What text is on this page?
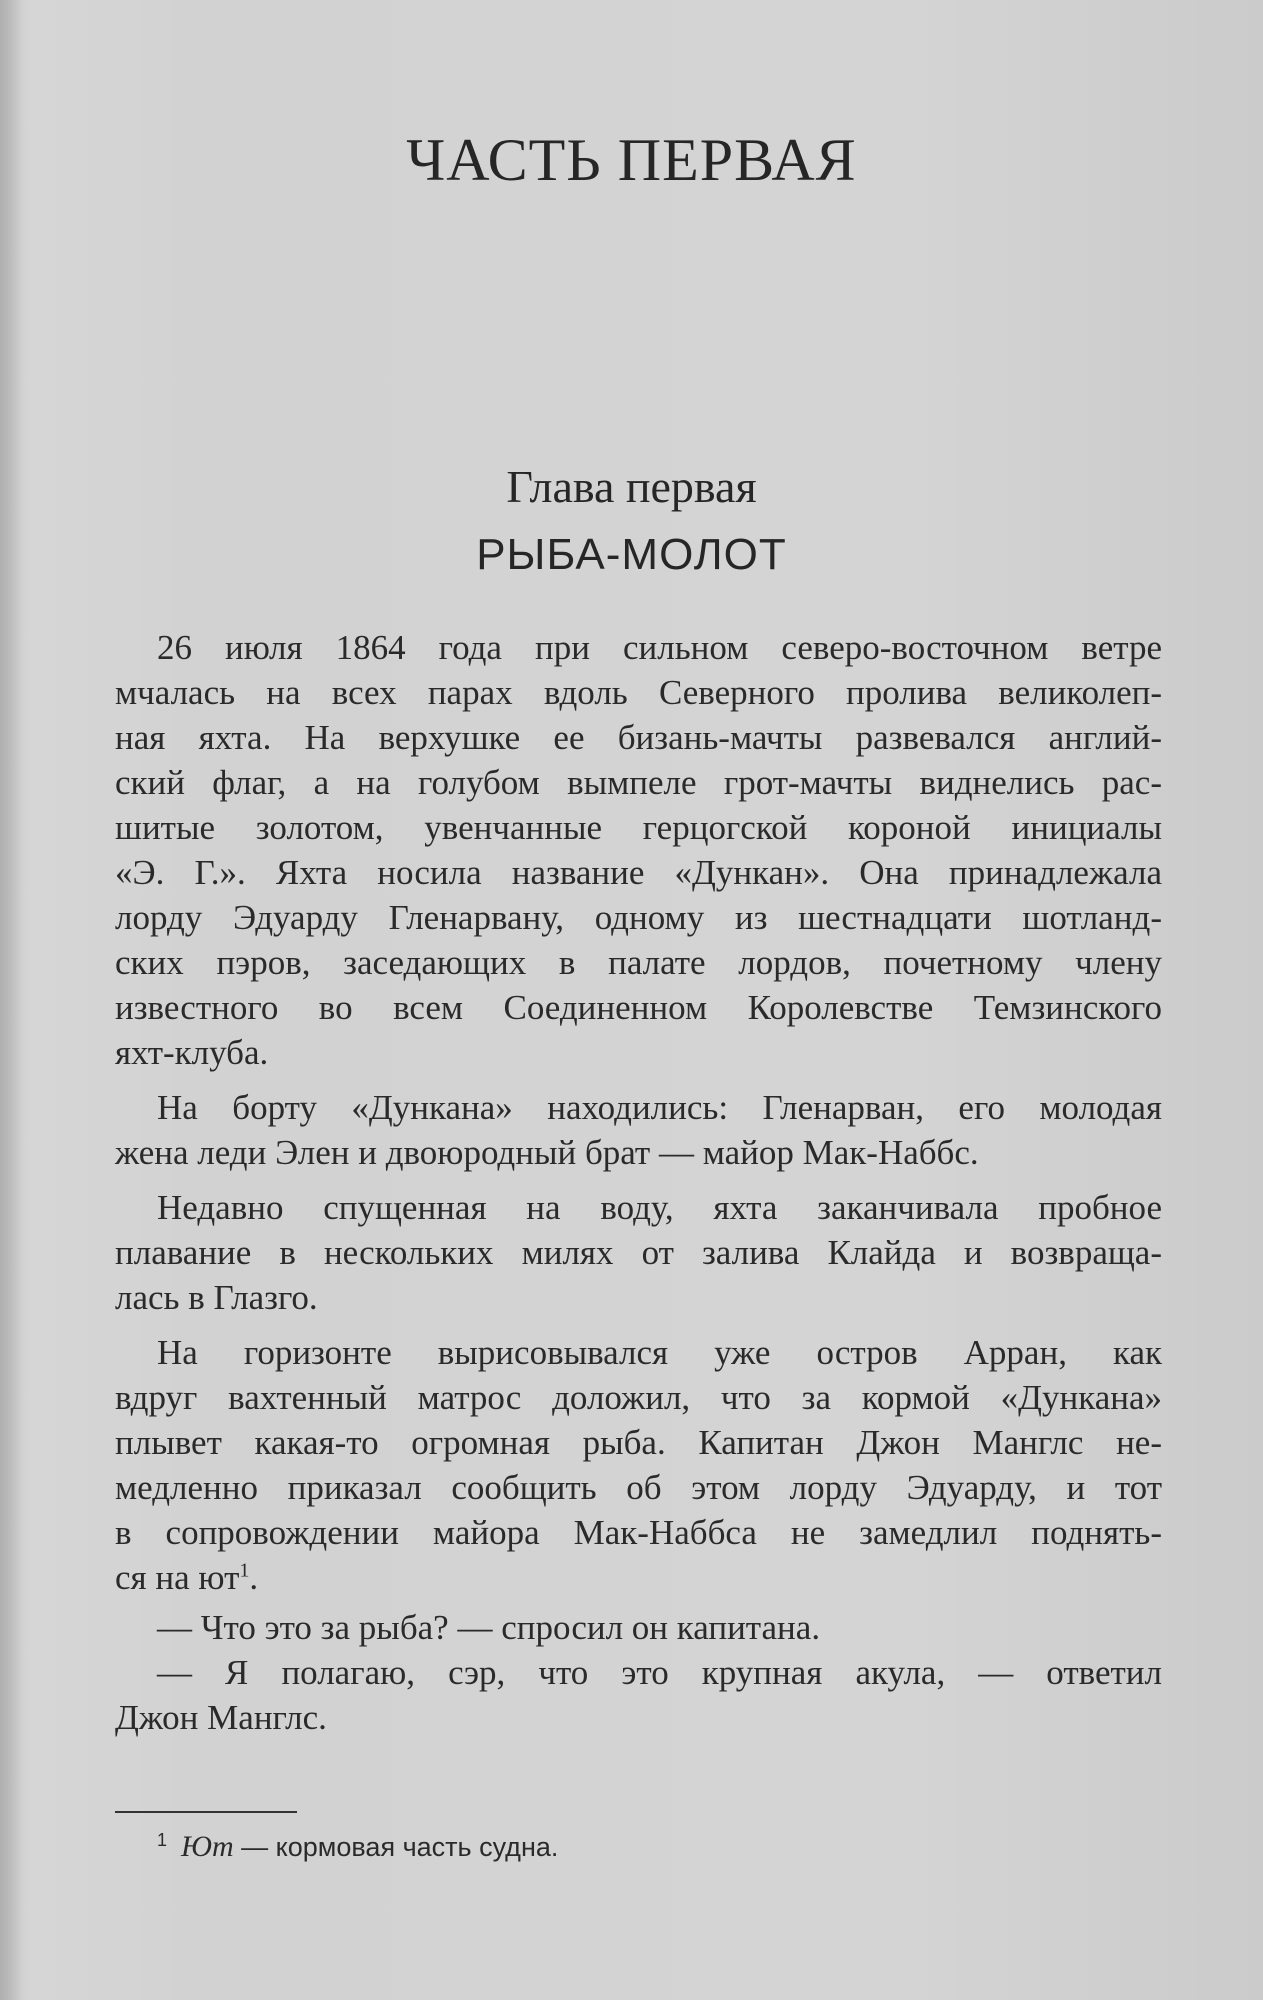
ЧАСТЬ ПЕРВАЯ
Глава первая
РЫБА-МОЛОТ
26 июля 1864 года при сильном северо-восточном ветре
мчалась на всех парах вдоль Северного пролива великолеп-
ная яхта. На верхушке ее бизань-мачты развевался англий-
ский флаг, а на голубом вымпеле грот-мачты виднелись рас-
шитые золотом, увенчанные герцогской короной инициалы
«Э. Г.». Яхта носила название «Дункан». Она принадлежала
лорду Эдуарду Гленарвану, одному из шестнадцати шотланд-
ских пэров, заседающих в палате лордов, почетному члену
известного во всем Соединенном Королевстве Темзинского
яхт-клуба.
На борту «Дункана» находились: Гленарван, его молодая
жена леди Элен и двоюродный брат — майор Мак-Наббс.
Недавно спущенная на воду, яхта заканчивала пробное
плавание в нескольких милях от залива Клайда и возвраща-
лась в Глазго.
На горизонте вырисовывался уже остров Арран, как
вдруг вахтенный матрос доложил, что за кормой «Дункана»
плывет какая-то огромная рыба. Капитан Джон Манглс не-
медленно приказал сообщить об этом лорду Эдуарду, и тот
в сопровождении майора Мак-Наббса не замедлил поднять-
ся на $ют^1$.
— Что это за рыба? — спросил он капитана.
— Я полагаю, сэр, что это крупная акула, — ответил
Джон Манглс.
$^1$ Ют — кормовая часть судна.
